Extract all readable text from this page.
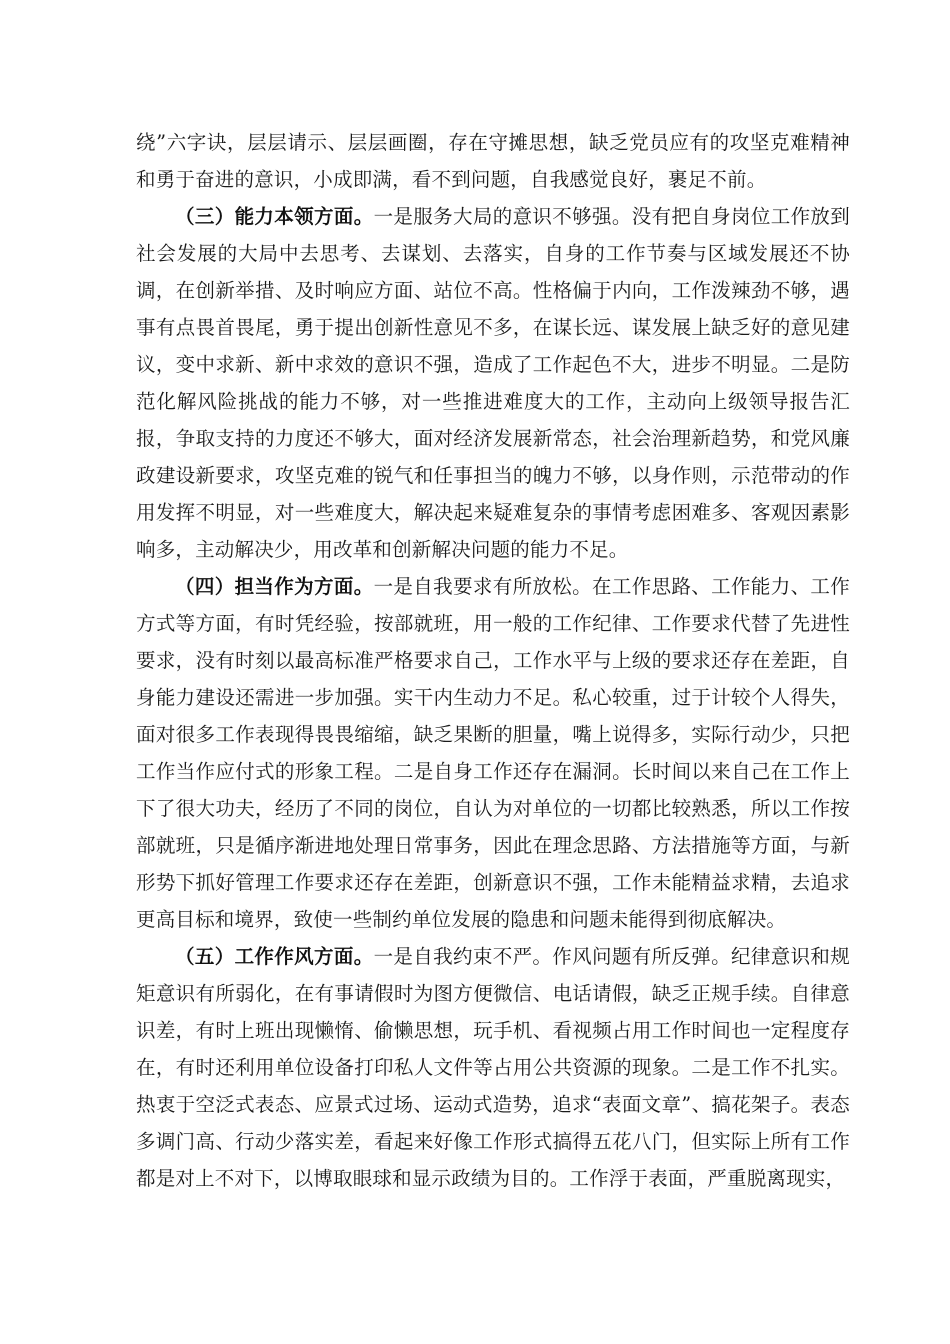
绕”六字诀，层层请示、层层画圈，存在守摊思想，缺乏党员应有的攻坚克难精神和勇于奋进的意识，小成即满，看不到问题，自我感觉良好，裹足不前。

（三）能力本领方面。一是服务大局的意识不够强。没有把自身岗位工作放到社会发展的大局中去思考、去谋划、去落实，自身的工作节奏与区域发展还不协调，在创新举措、及时响应方面、站位不高。性格偏于内向，工作泼辣劲不够，遇事有点畏首畏尾，勇于提出创新性意见不多，在谋长远、谋发展上缺乏好的意见建议，变中求新、新中求效的意识不强，造成了工作起色不大，进步不明显。二是防范化解风险挑战的能力不够，对一些推进难度大的工作，主动向上级领导报告汇报，争取支持的力度还不够大，面对经济发展新常态，社会治理新趋势，和党风廉政建设新要求，攻坚克难的锐气和任事担当的魄力不够，以身作则，示范带动的作用发挥不明显，对一些难度大，解决起来疑难复杂的事情考虑困难多、客观因素影响多，主动解决少，用改革和创新解决问题的能力不足。

（四）担当作为方面。一是自我要求有所放松。在工作思路、工作能力、工作方式等方面，有时凭经验，按部就班，用一般的工作纪律、工作要求代替了先进性要求，没有时刻以最高标准严格要求自己，工作水平与上级的要求还存在差距，自身能力建设还需进一步加强。实干内生动力不足。私心较重，过于计较个人得失，面对很多工作表现得畏畏缩缩，缺乏果断的胆量，嘴上说得多，实际行动少，只把工作当作应付式的形象工程。二是自身工作还存在漏洞。长时间以来自己在工作上下了很大功夫，经历了不同的岗位，自认为对单位的一切都比较熟悉，所以工作按部就班，只是循序渐进地处理日常事务，因此在理念思路、方法措施等方面，与新形势下抓好管理工作要求还存在差距，创新意识不强，工作未能精益求精，去追求更高目标和境界，致使一些制约单位发展的隐患和问题未能得到彻底解决。

（五）工作作风方面。一是自我约束不严。作风问题有所反弹。纪律意识和规矩意识有所弱化，在有事请假时为图方便微信、电话请假，缺乏正规手续。自律意识差，有时上班出现懒惰、偷懒思想，玩手机、看视频占用工作时间也一定程度存在，有时还利用单位设备打印私人文件等占用公共资源的现象。二是工作不扎实。热衷于空泛式表态、应景式过场、运动式造势，追求“表面文章”、搞花架子。表态多调门高、行动少落实差，看起来好像工作形式搞得五花八门，但实际上所有工作都是对上不对下，以博取眼球和显示政绩为目的。工作浮于表面，严重脱离现实，
